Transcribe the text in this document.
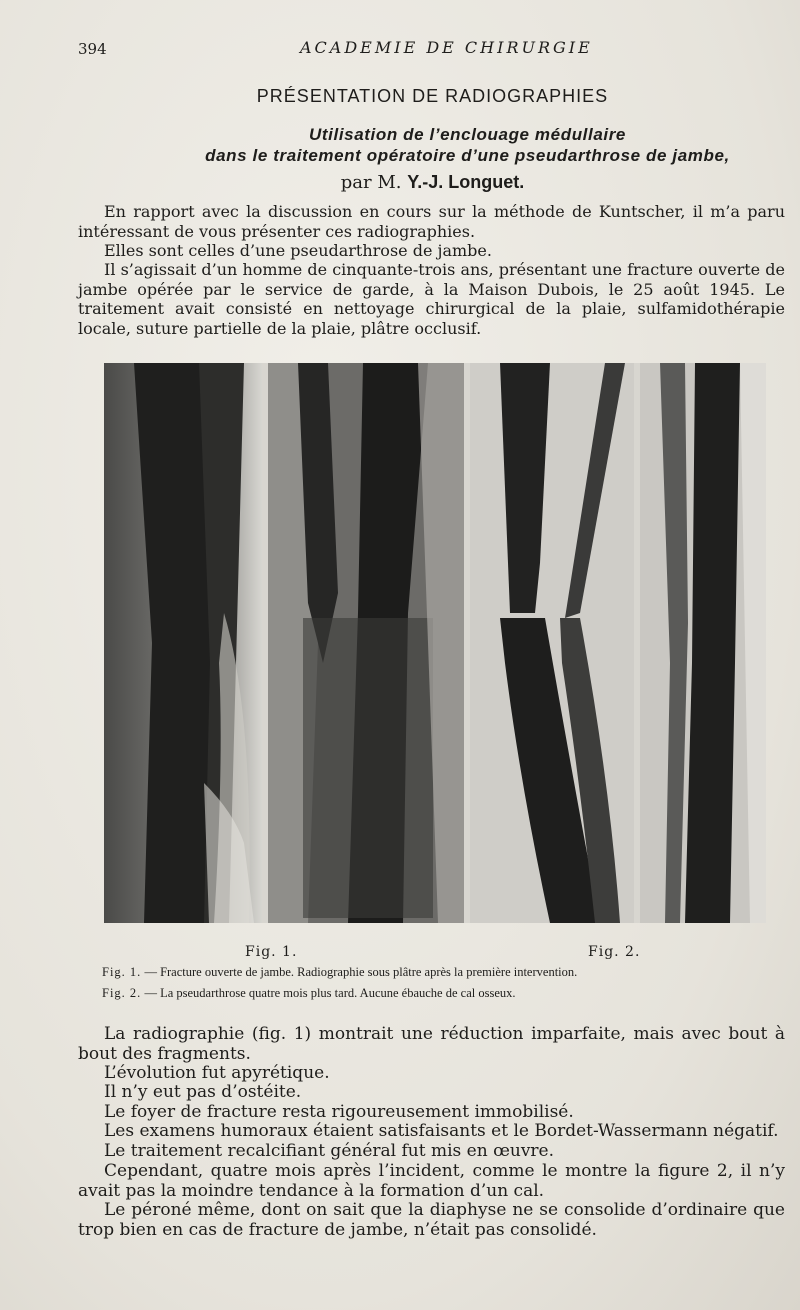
394	ACADEMIE DE CHIRURGIE
PRÉSENTATION DE RADIOGRAPHIES
Utilisation de l’enclouage médullaire
dans le traitement opératoire d’une pseudarthrose de jambe,
par M. Y.-J. Longuet.

En rapport avec la discussion en cours sur la méthode de Kuntscher, il m’a paru intéressant de vous présenter ces radiographies.

Elles sont celles d’une pseudarthrose de jambe.

Il s’agissait d’un homme de cinquante-trois ans, présentant une fracture ouverte de jambe opérée par le service de garde, à la Maison Dubois, le 25 août 1945. Le traitement avait consisté en nettoyage chirurgical de la plaie, sulfamidothérapie locale, suture partielle de la plaie, plâtre occlusif.

Fig. 1.	Fig. 2.
Fig. 1. — Fracture ouverte de jambe. Radiographie sous plâtre après la première intervention.
Fig. 2. — La pseudarthrose quatre mois plus tard. Aucune ébauche de cal osseux.

La radiographie (fig. 1) montrait une réduction imparfaite, mais avec bout à bout des fragments.

L’évolution fut apyrétique.

Il n’y eut pas d’ostéite.

Le foyer de fracture resta rigoureusement immobilisé.

Les examens humoraux étaient satisfaisants et le Bordet-Wassermann négatif.

Le traitement recalcifiant général fut mis en œuvre.

Cependant, quatre mois après l’incident, comme le montre la figure 2, il n’y avait pas la moindre tendance à la formation d’un cal.

Le péroné même, dont on sait que la diaphyse ne se consolide d’ordinaire que trop bien en cas de fracture de jambe, n’était pas consolidé.
